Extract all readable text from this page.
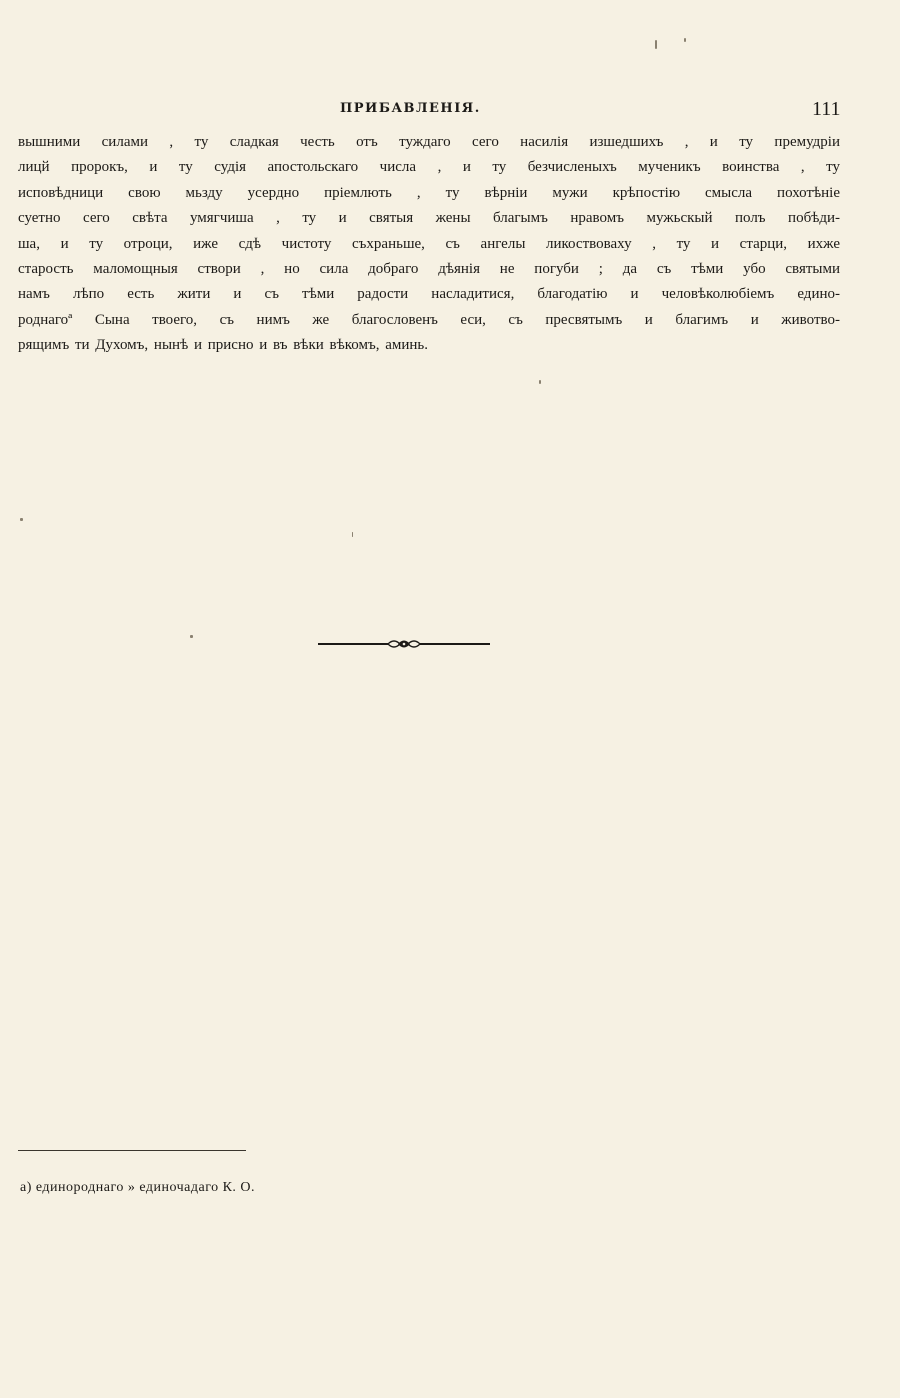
ПРИБАВЛЕНІЯ.	111
вышними силами , ту сладкая честь отъ туждаго сего насилія изшедшихъ , и ту премудріи
лицй пророкъ, и ту судія апостольскаго числа , и ту безчисленыхъ мученикъ воинства , ту
исповѣдници свою мьзду усердно пріемлють , ту вѣрніи мужи крѣпостію смысла похотѣніе
суетно сего свѣта умягчиша , ту и святыя жены благымъ нравомъ мужьскый полъ побѣди-
ша, и ту отроци, иже сдѣ чистоту съхраньше, съ ангелы ликоствоваху , ту и старци, ихже
старость маломощныя створи , но сила добраго дѣянія не погуби ; да съ тѣми убо святыми
намъ лѣпо есть жити и съ тѣми радости насладитися, благодатію и человѣколюбіемъ едино-
роднагоª Сына твоего, съ нимъ же благословенъ еси, съ пресвятымъ и благимъ и животво-
рящимъ ти Духомъ, нынѣ и присно и въ вѣки вѣкомъ, аминь.
а) единороднаго » единочадаго К. О.
